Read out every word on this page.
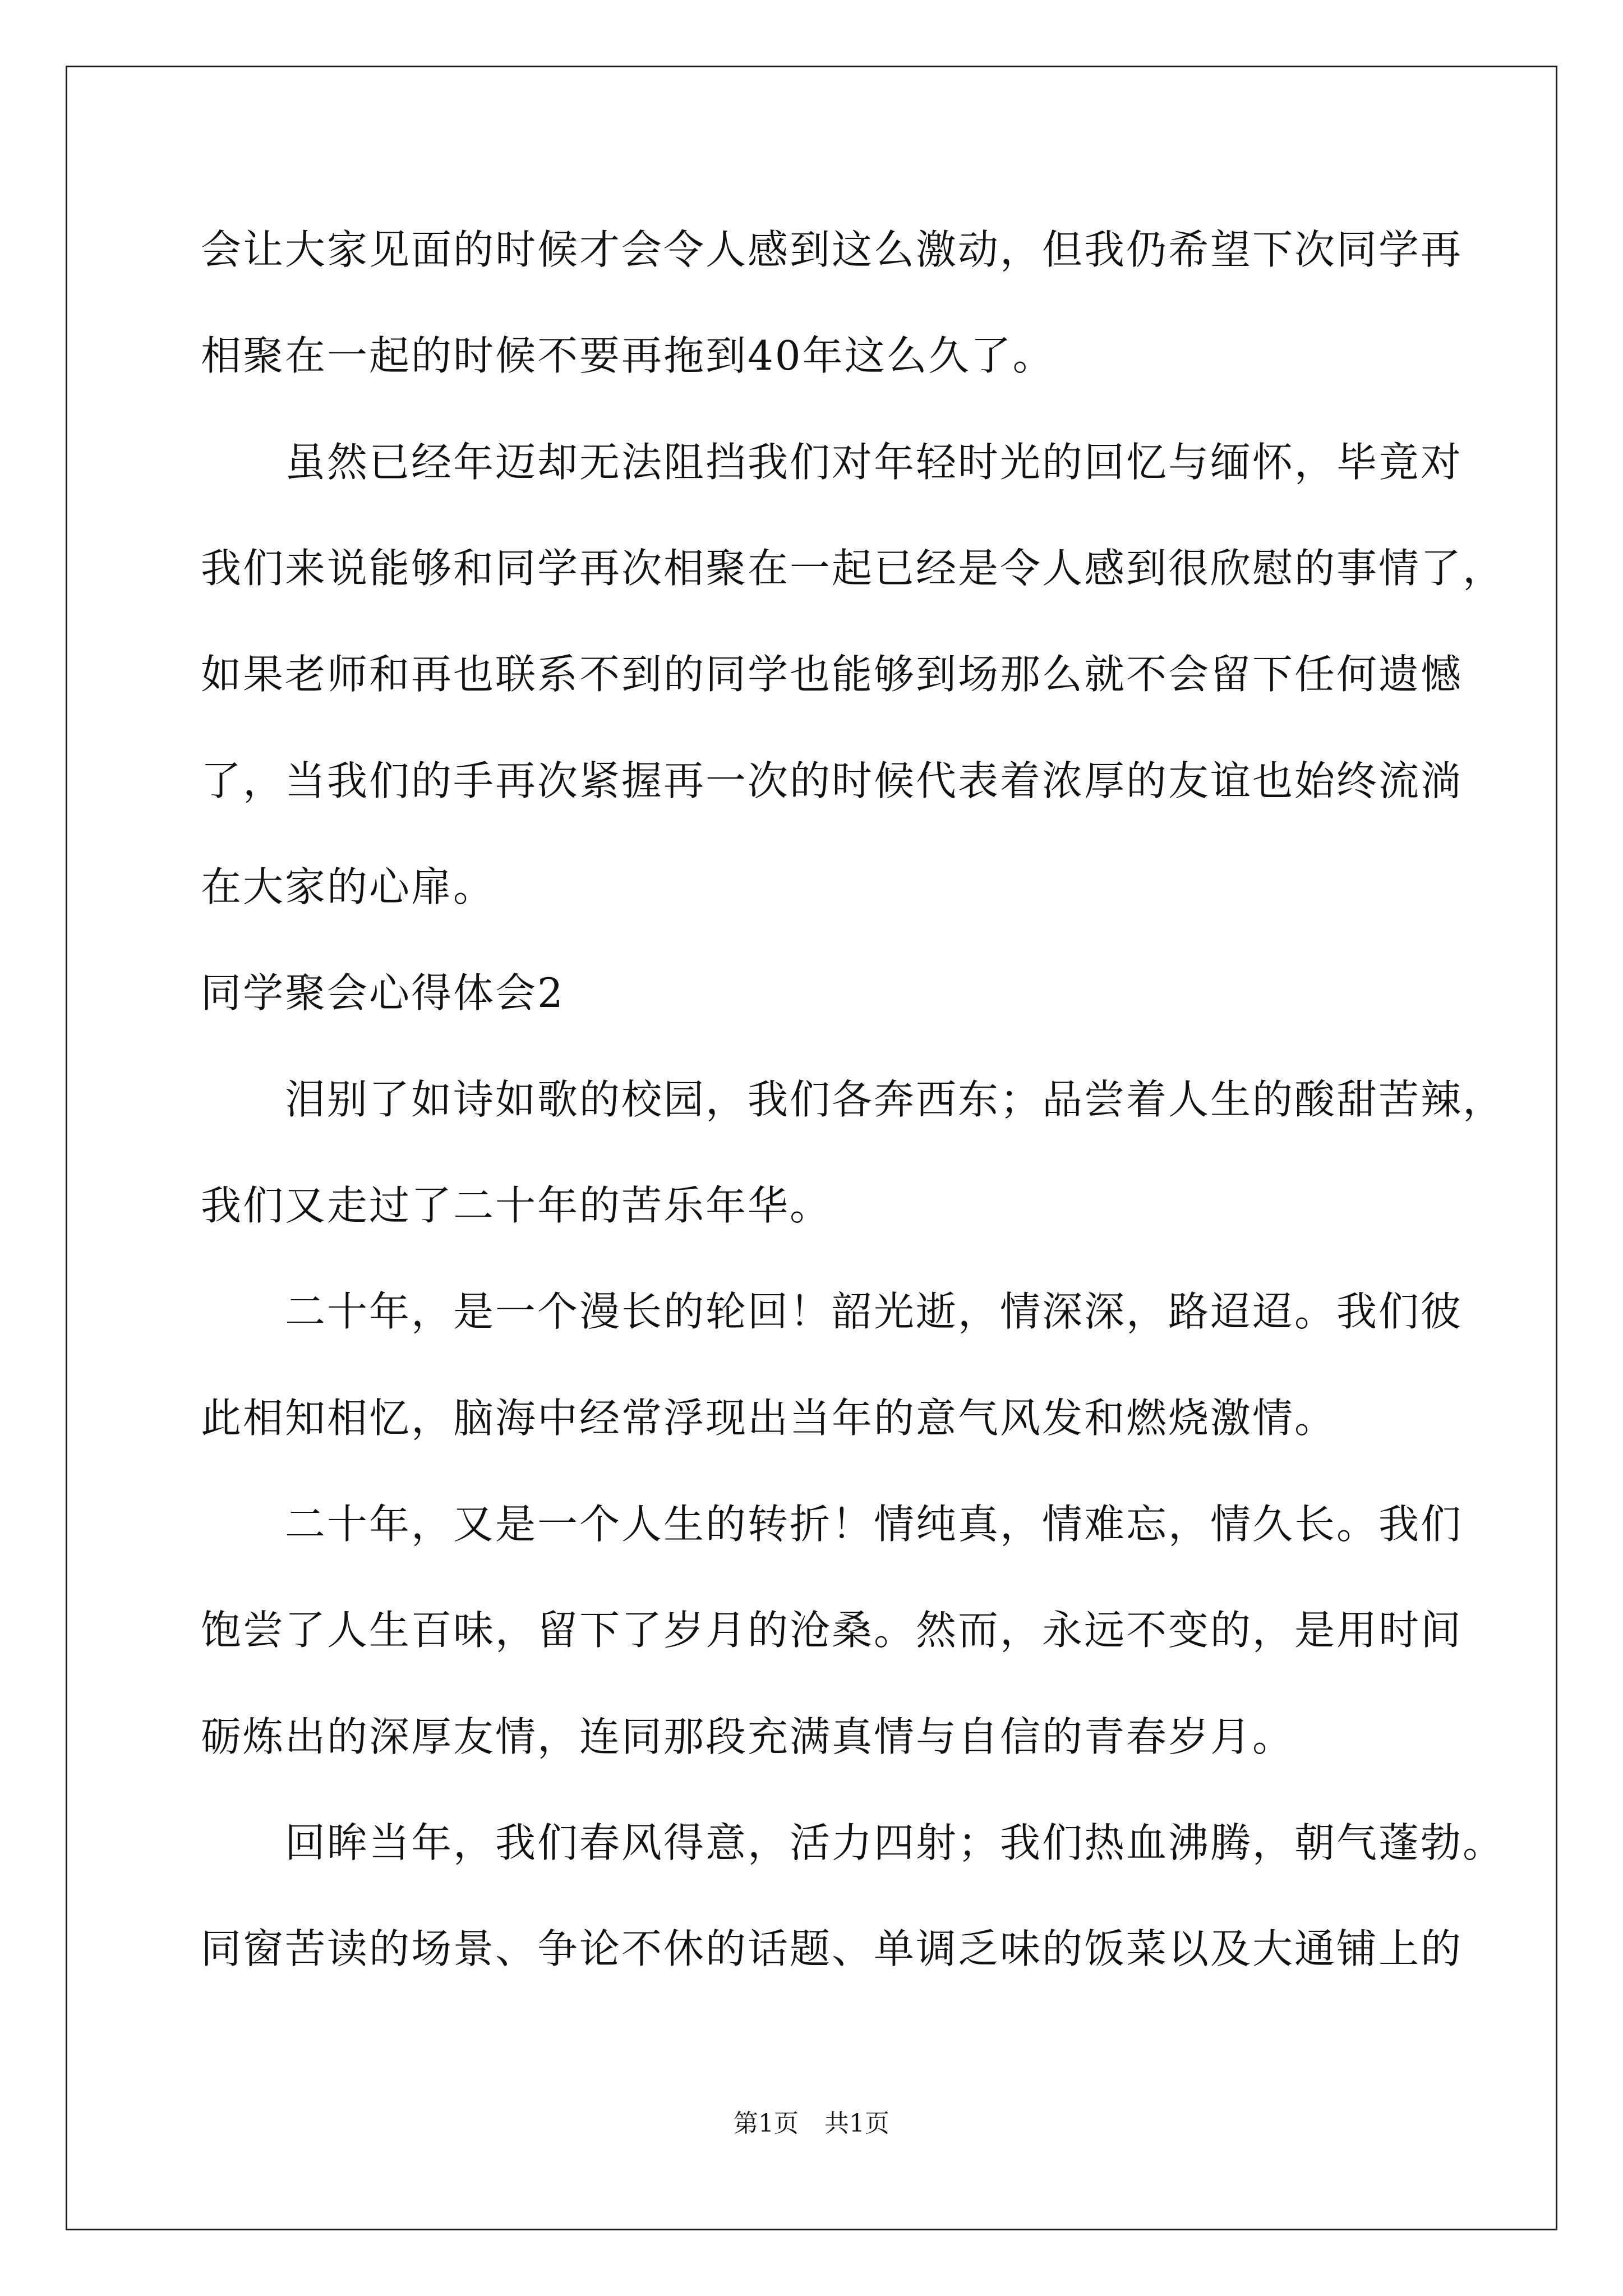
会让大家见面的时候才会令人感到这么激动，但我仍希望下次同学再
相聚在一起的时候不要再拖到40年这么久了。
　　虽然已经年迈却无法阻挡我们对年轻时光的回忆与缅怀，毕竟对
我们来说能够和同学再次相聚在一起已经是令人感到很欣慰的事情了，
如果老师和再也联系不到的同学也能够到场那么就不会留下任何遗憾
了，当我们的手再次紧握再一次的时候代表着浓厚的友谊也始终流淌
在大家的心扉。
同学聚会心得体会2
　　泪别了如诗如歌的校园，我们各奔西东；品尝着人生的酸甜苦辣，
我们又走过了二十年的苦乐年华。
　　二十年，是一个漫长的轮回！韶光逝，情深深，路迢迢。我们彼
此相知相忆，脑海中经常浮现出当年的意气风发和燃烧激情。
　　二十年，又是一个人生的转折！情纯真，情难忘，情久长。我们
饱尝了人生百味，留下了岁月的沧桑。然而，永远不变的，是用时间
砺炼出的深厚友情，连同那段充满真情与自信的青春岁月。
　　回眸当年，我们春风得意，活力四射；我们热血沸腾，朝气蓬勃。
同窗苦读的场景、争论不休的话题、单调乏味的饭菜以及大通铺上的
第1页 共1页
